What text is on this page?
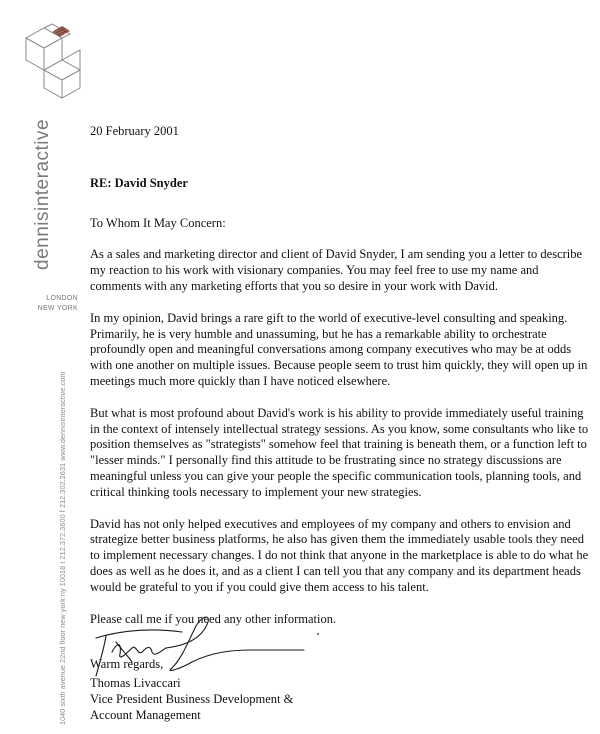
dennisinteractive
LONDON
NEW YORK
1040 sixth avenue 22nd floor new york ny 10018 t 212.372.3600 f 212.302.2631 www.dennisinteractive.com

20 February 2001

RE: David Snyder

To Whom It May Concern:

As a sales and marketing director and client of David Snyder, I am sending you a letter to describe my reaction to his work with visionary companies. You may feel free to use my name and comments with any marketing efforts that you so desire in your work with David.

In my opinion, David brings a rare gift to the world of executive-level consulting and speaking. Primarily, he is very humble and unassuming, but he has a remarkable ability to orchestrate profoundly open and meaningful conversations among company executives who may be at odds with one another on multiple issues. Because people seem to trust him quickly, they will open up in meetings much more quickly than I have noticed elsewhere.

But what is most profound about David's work is his ability to provide immediately useful training in the context of intensely intellectual strategy sessions. As you know, some consultants who like to position themselves as "strategists" somehow feel that training is beneath them, or a function left to "lesser minds." I personally find this attitude to be frustrating since no strategy discussions are meaningful unless you can give your people the specific communication tools, planning tools, and critical thinking tools necessary to implement your new strategies.

David has not only helped executives and employees of my company and others to envision and strategize better business platforms, he also has given them the immediately usable tools they need to implement necessary changes. I do not think that anyone in the marketplace is able to do what he does as well as he does it, and as a client I can tell you that any company and its department heads would be grateful to you if you could give them access to his talent.

Please call me if you need any other information.

Warm regards,

Thomas Livaccari
Vice President Business Development &
Account Management
